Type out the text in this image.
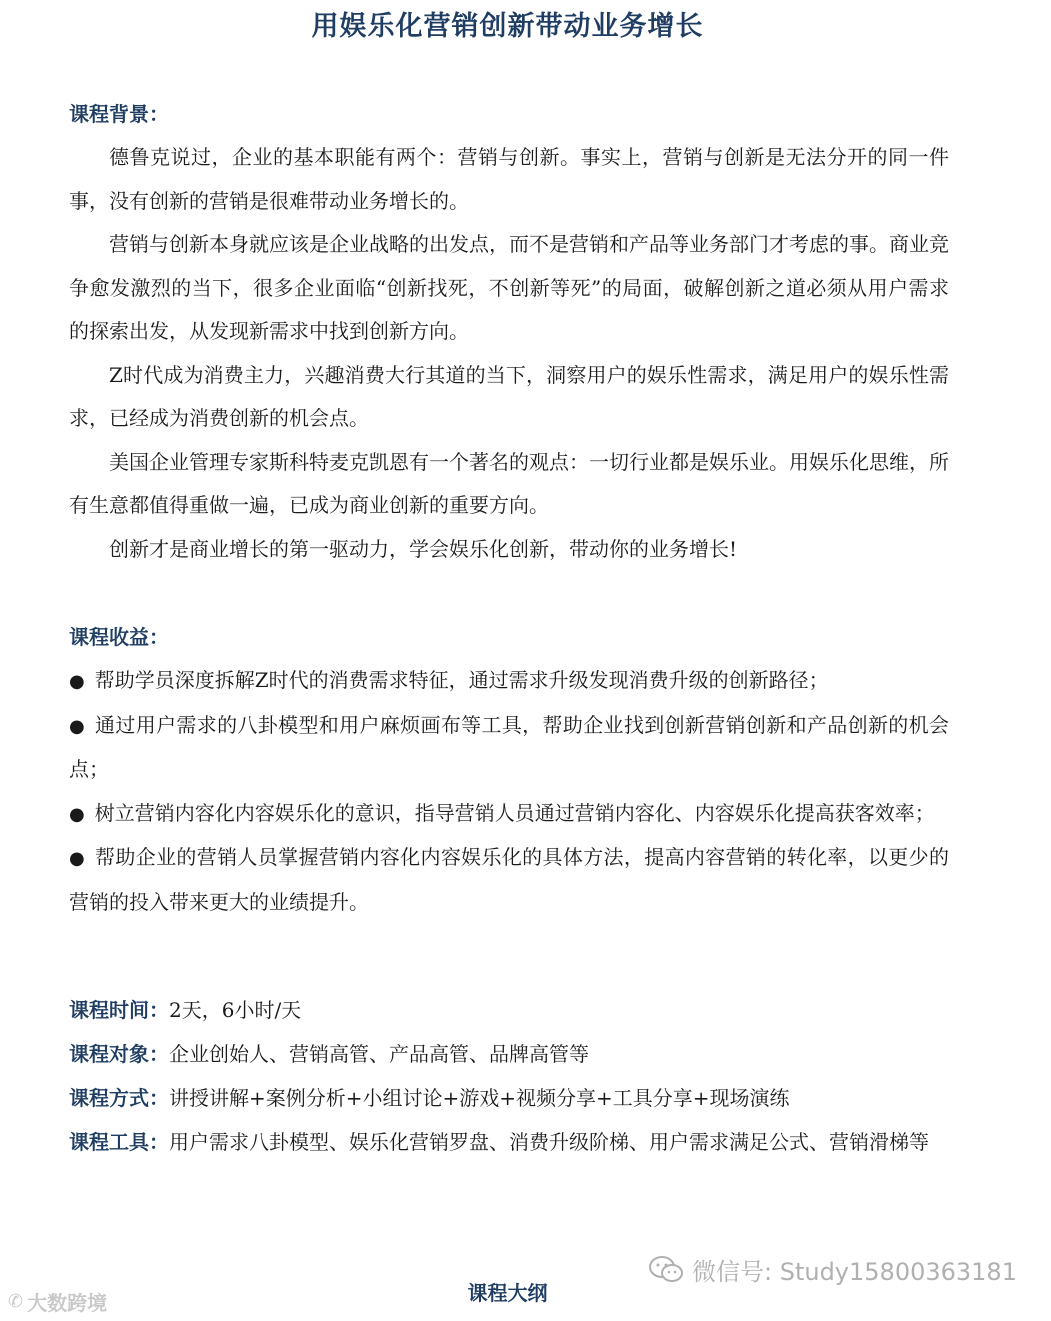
用娱乐化营销创新带动业务增长
课程背景：

德鲁克说过，企业的基本职能有两个：营销与创新。事实上，营销与创新是无法分开的同一件事，没有创新的营销是很难带动业务增长的。

营销与创新本身就应该是企业战略的出发点，而不是营销和产品等业务部门才考虑的事。商业竞争愈发激烈的当下，很多企业面临“创新找死，不创新等死”的局面，破解创新之道必须从用户需求的探索出发，从发现新需求中找到创新方向。

Z时代成为消费主力，兴趣消费大行其道的当下，洞察用户的娱乐性需求，满足用户的娱乐性需求，已经成为消费创新的机会点。

美国企业管理专家斯科特麦克凯恩有一个著名的观点：一切行业都是娱乐业。用娱乐化思维，所有生意都值得重做一遍，已成为商业创新的重要方向。

创新才是商业增长的第一驱动力，学会娱乐化创新，带动你的业务增长!

课程收益：

● 帮助学员深度拆解Z时代的消费需求特征，通过需求升级发现消费升级的创新路径；

● 通过用户需求的八卦模型和用户麻烦画布等工具，帮助企业找到创新营销创新和产品创新的机会点；

● 树立营销内容化内容娱乐化的意识，指导营销人员通过营销内容化、内容娱乐化提高获客效率；

● 帮助企业的营销人员掌握营销内容化内容娱乐化的具体方法，提高内容营销的转化率，以更少的营销的投入带来更大的业绩提升。

课程时间：2天，6小时/天

课程对象：企业创始人、营销高管、产品高管、品牌高管等

课程方式：讲授讲解+案例分析+小组讨论+游戏+视频分享+工具分享+现场演练

课程工具：用户需求八卦模型、娱乐化营销罗盘、消费升级阶梯、用户需求满足公式、营销滑梯等

微信号: Study15800363181
✆ 大数跨境	课程大纲
